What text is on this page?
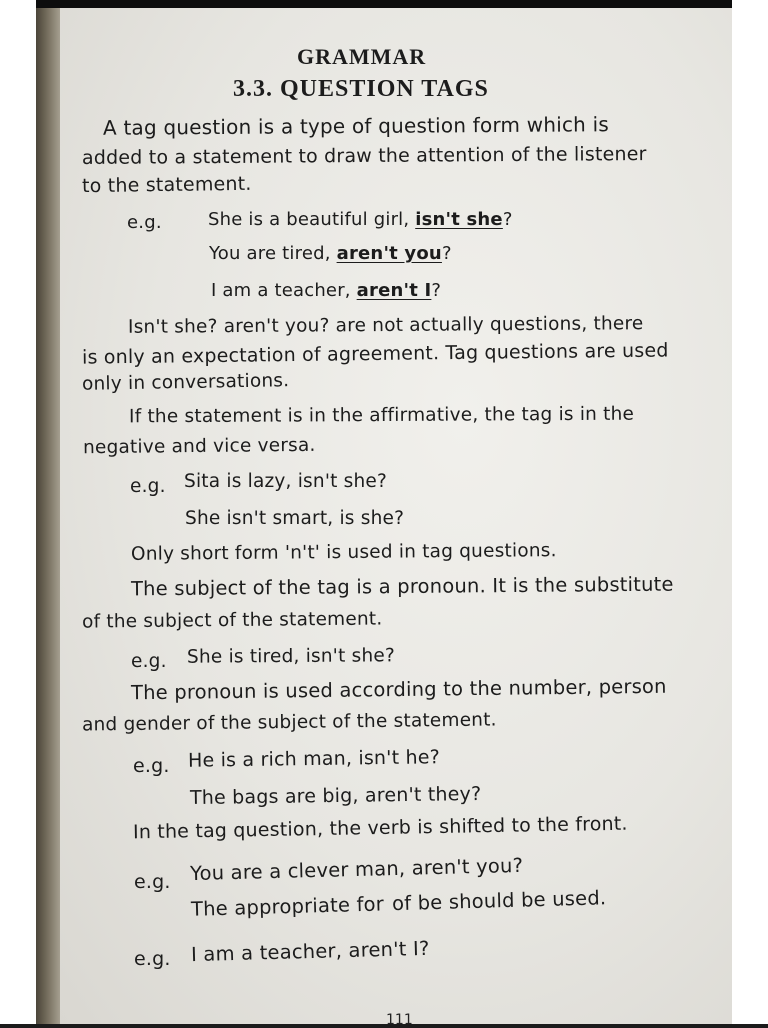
GRAMMAR
3.3. QUESTION TAGS
A tag question is a type of question form which is
added to a statement to draw the attention of the listener
to the statement.
e.g.	She is a beautiful girl, isn't she?
You are tired, aren't you?
I am a teacher, aren't I?
Isn't she? aren't you? are not actually questions, there
is only an expectation of agreement. Tag questions are used
only in conversations.
If the statement is in the affirmative, the tag is in the
negative and vice versa.
e.g. Sita is lazy, isn't she?
She isn't smart, is she?
Only short form 'n't' is used in tag questions.
The subject of the tag is a pronoun. It is the substitute
of the subject of the statement.
e.g. She is tired, isn't she?
The pronoun is used according to the number, person
and gender of the subject of the statement.
e.g. He is a rich man, isn't he?
The bags are big, aren't they?
In the tag question, the verb is shifted to the front.
e.g. You are a clever man, aren't you?
The appropriate for  of be should be used.
e.g. I am a teacher, aren't I?
111
